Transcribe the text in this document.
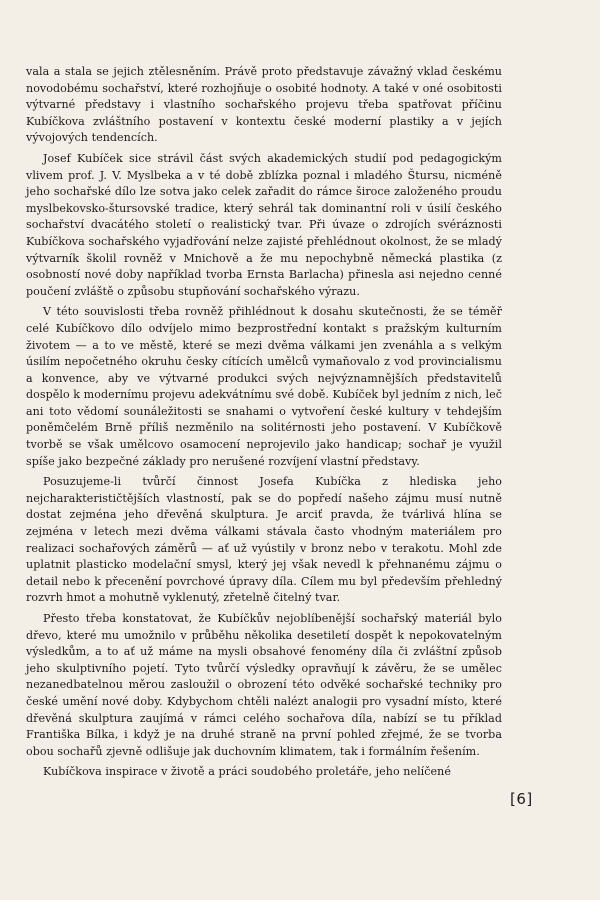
vala a stala se jejich ztělesněním. Právě proto představuje závažný vklad českému novodobému sochařství, které rozhojňuje o osobité hodnoty. A také v oné osobitosti výtvarné představy i vlastního sochařského projevu třeba spatřovat příčinu Kubíčkova zvláštního postavení v kontextu české moderní plastiky a v jejích vývojových tendencích.

Josef Kubíček sice strávil část svých akademických studií pod pedagogickým vlivem prof. J. V. Myslbeka a v té době zblízka poznal i mladého Štursu, nicméně jeho sochařské dílo lze sotva jako celek zařadit do rámce široce založeného proudu myslbekovsko-štursovské tradice, který sehrál tak dominantní roli v úsilí českého sochařství dvacátého století o realistický tvar. Při úvaze o zdrojích svéráznosti Kubíčkova sochařského vyjadřování nelze zajisté přehlédnout okolnost, že se mladý výtvarník školil rovněž v Mnichově a že mu nepochybně německá plastika (z osobností nové doby například tvorba Ernsta Barlacha) přinesla asi nejedno cenné poučení zvláště o způsobu stupňování sochařského výrazu.

V této souvislosti třeba rovněž přihlédnout k dosahu skutečnosti, že se téměř celé Kubíčkovo dílo odvíjelo mimo bezprostřední kontakt s pražským kulturním životem — a to ve městě, které se mezi dvěma válkami jen zvenáhla a s velkým úsilím nepočetného okruhu česky cítících umělců vymaňovalo z vod provincialismu a konvence, aby ve výtvarné produkci svých nejvýznamnějších představitelů dospělo k modernímu projevu adekvátnímu své době. Kubíček byl jedním z nich, leč ani toto vědomí sounáležitosti se snahami o vytvoření české kultury v tehdejším poněmčelém Brně příliš nezměnilo na solitérnosti jeho postavení. V Kubíčkově tvorbě se však umělcovo osamocení neprojevilo jako handicap; sochař je využil spíše jako bezpečné základy pro nerušené rozvíjení vlastní představy.

Posuzujeme-li tvůrčí činnost Josefa Kubíčka z hlediska jeho nejcharakterističtějších vlastností, pak se do popředí našeho zájmu musí nutně dostat zejména jeho dřevěná skulptura. Je arciť pravda, že tvárlivá hlína se zejména v letech mezi dvěma válkami stávala často vhodným materiálem pro realizaci sochařových záměrů — ať už vyústily v bronz nebo v terakotu. Mohl zde uplatnit plasticko modelační smysl, který jej však nevedl k přehnanému zájmu o detail nebo k přecenění povrchové úpravy díla. Cílem mu byl především přehledný rozvrh hmot a mohutně vyklenutý, zřetelně čitelný tvar.

Přesto třeba konstatovat, že Kubíčkův nejoblíbenější sochařský materiál bylo dřevo, které mu umožnilo v průběhu několika desetiletí dospět k nepokovatelným výsledkům, a to ať už máme na mysli obsahové fenomény díla či zvláštní způsob jeho skulptivního pojetí. Tyto tvůrčí výsledky opravňují k závěru, že se umělec nezanedbatelnou měrou zasloužil o obrození této odvěké sochařské techniky pro české umění nové doby. Kdybychom chtěli nalézt analogii pro vysadní místo, které dřevěná skulptura zaujímá v rámci celého sochařova díla, nabízí se tu příklad Františka Bílka, i když je na druhé straně na první pohled zřejmé, že se tvorba obou sochařů zjevně odlišuje jak duchovním klimatem, tak i formálním řešením.

Kubíčkova inspirace v životě a práci soudobého proletáře, jeho nelíčené

[6]
